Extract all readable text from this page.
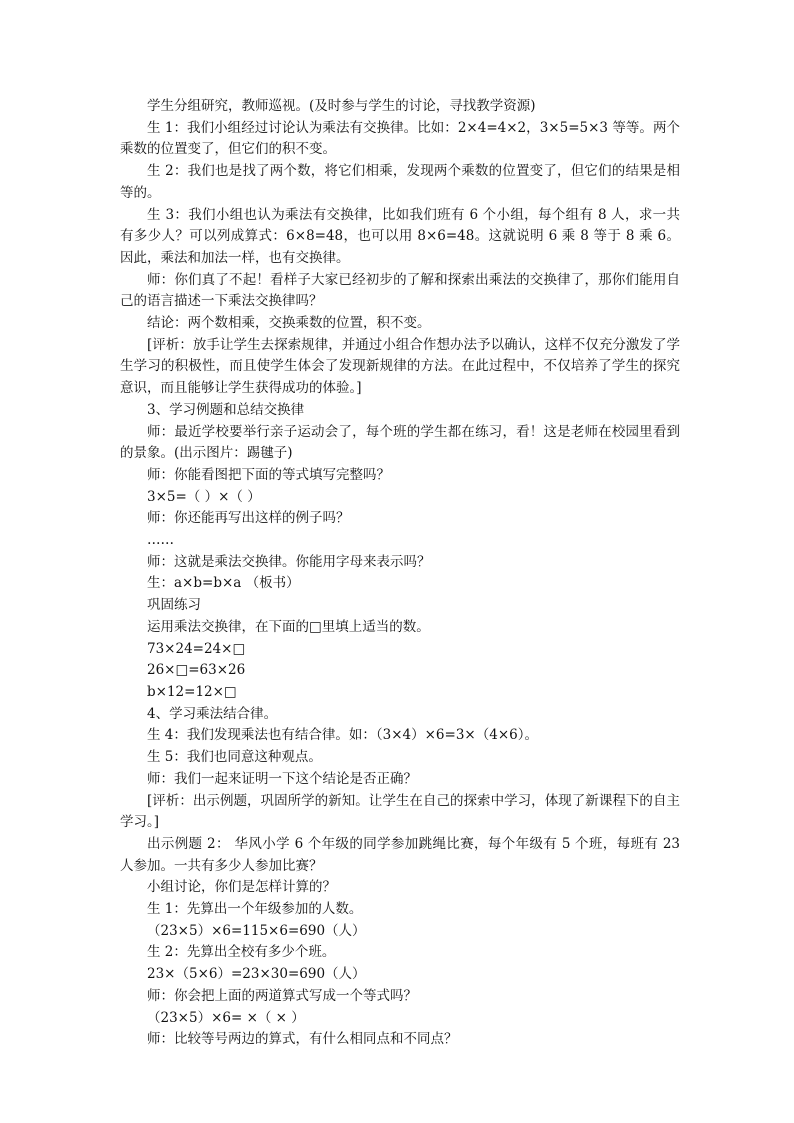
学生分组研究，教师巡视。(及时参与学生的讨论，寻找教学资源)

生 1：我们小组经过讨论认为乘法有交换律。比如：2×4=4×2，3×5=5×3 等等。两个乘数的位置变了，但它们的积不变。

生 2：我们也是找了两个数，将它们相乘，发现两个乘数的位置变了，但它们的结果是相等的。

生 3：我们小组也认为乘法有交换律，比如我们班有 6 个小组，每个组有 8 人，求一共有多少人？可以列成算式：6×8=48，也可以用 8×6=48。这就说明 6 乘 8 等于 8 乘 6。因此，乘法和加法一样，也有交换律。

师：你们真了不起！看样子大家已经初步的了解和探索出乘法的交换律了，那你们能用自己的语言描述一下乘法交换律吗？

结论：两个数相乘，交换乘数的位置，积不变。

[评析：放手让学生去探索规律，并通过小组合作想办法予以确认，这样不仅充分激发了学生学习的积极性，而且使学生体会了发现新规律的方法。在此过程中，不仅培养了学生的探究意识，而且能够让学生获得成功的体验。]

3、学习例题和总结交换律

师：最近学校要举行亲子运动会了，每个班的学生都在练习，看！这是老师在校园里看到的景象。(出示图片：踢毽子)

师：你能看图把下面的等式填写完整吗？

3×5=（ ）×（ ）

师：你还能再写出这样的例子吗？

……

师：这就是乘法交换律。你能用字母来表示吗？

生：a×b=b×a （板书）

巩固练习

运用乘法交换律，在下面的□里填上适当的数。

73×24=24×□

26×□=63×26

b×12=12×□

4、学习乘法结合律。

生 4：我们发现乘法也有结合律。如：（3×4）×6=3×（4×6）。

生 5：我们也同意这种观点。

师：我们一起来证明一下这个结论是否正确？

[评析：出示例题，巩固所学的新知。让学生在自己的探索中学习，体现了新课程下的自主学习。]

出示例题 2： 华风小学 6 个年级的同学参加跳绳比赛，每个年级有 5 个班，每班有 23 人参加。一共有多少人参加比赛？

小组讨论，你们是怎样计算的？

生 1：先算出一个年级参加的人数。

（23×5）×6=115×6=690（人）

生 2：先算出全校有多少个班。

23×（5×6）=23×30=690（人）

师：你会把上面的两道算式写成一个等式吗？

（23×5）×6= ×（ × ）

师：比较等号两边的算式，有什么相同点和不同点？
